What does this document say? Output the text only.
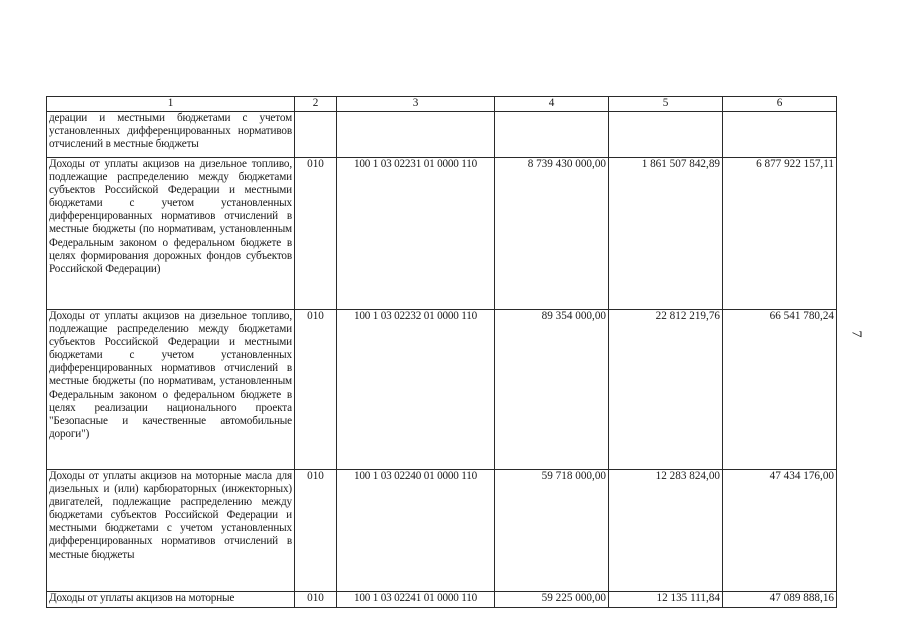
1	2	3	4	5	6
дерации и местными бюджетами с учетом установленных дифференцированных нормативов отчислений в местные бюджеты					
Доходы от уплаты акцизов на дизельное топливо, подлежащие распределению между бюджетами субъектов Российской Федерации и местными бюджетами с учетом установленных дифференцированных нормативов отчислений в местные бюджеты (по нормативам, установленным Федеральным законом о федеральном бюджете в целях формирования дорожных фондов субъектов Российской Федерации)	010	100 1 03 02231 01 0000 110	8 739 430 000,00	1 861 507 842,89	6 877 922 157,11
Доходы от уплаты акцизов на дизельное топливо, подлежащие распределению между бюджетами субъектов Российской Федерации и местными бюджетами с учетом установленных дифференцированных нормативов отчислений в местные бюджеты (по нормативам, установленным Федеральным законом о федеральном бюджете в целях реализации национального проекта "Безопасные и качественные автомобильные дороги")	010	100 1 03 02232 01 0000 110	89 354 000,00	22 812 219,76	66 541 780,24
Доходы от уплаты акцизов на моторные масла для дизельных и (или) карбюраторных (инжекторных) двигателей, подлежащие распределению между бюджетами субъектов Российской Федерации и местными бюджетами с учетом установленных дифференцированных нормативов отчислений в местные бюджеты	010	100 1 03 02240 01 0000 110	59 718 000,00	12 283 824,00	47 434 176,00
Доходы от уплаты акцизов на моторные	010	100 1 03 02241 01 0000 110	59 225 000,00	12 135 111,84	47 089 888,16
7
